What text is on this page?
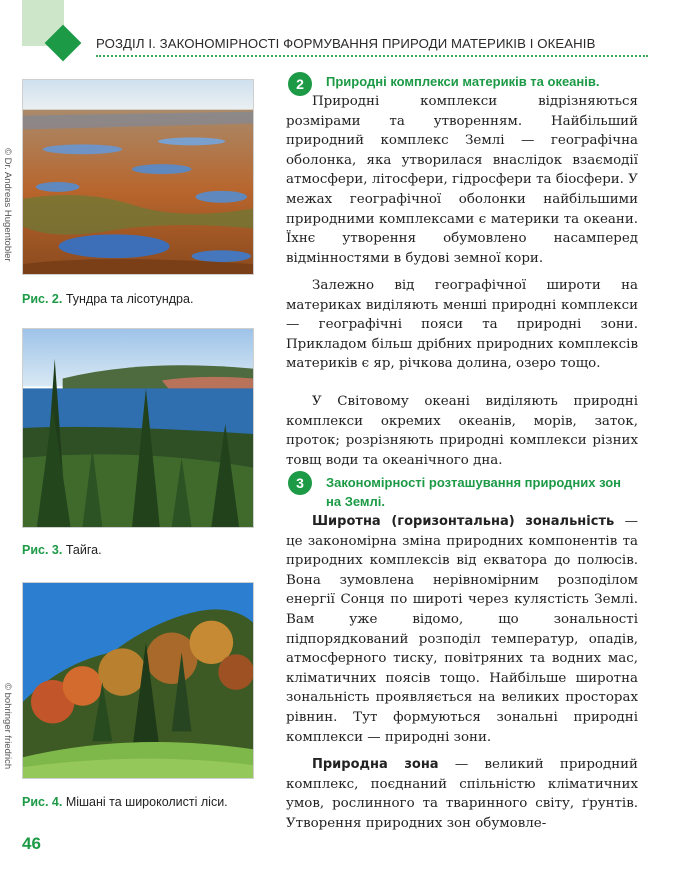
РОЗДІЛ І. ЗАКОНОМІРНОСТІ ФОРМУВАННЯ ПРИРОДИ МАТЕРИКІВ І ОКЕАНІВ
© Dr. Andreas Hugentobler
Рис. 2. Тундра та лісотундра.
Рис. 3. Тайга.
© bohringer friedrich
Рис. 4. Мішані та широколисті ліси.
46
2	Природні комплекси материків та океанів.

Природні комплекси відрізняються розмірами та утворенням. Найбільший природний комплекс Землі — географічна оболонка, яка утворилася внаслідок взаємодії атмосфери, літосфери, гідросфери та біосфери. У межах географічної оболонки найбільшими природними комплексами є материки та океани. Їхнє утворення обумовлено насамперед відмінностями в будові земної кори.

Залежно від географічної широти на материках виділяють менші природні комплекси — географічні пояси та природні зони. Прикладом більш дрібних природних комплексів материків є яр, річкова долина, озеро тощо.

У Світовому океані виділяють природні комплекси окремих океанів, морів, заток, проток; розрізняють природні комплекси різних товщ води та океанічного дна.

3	Закономірності розташування природних зон на Землі.

Широтна (горизонтальна) зональність — це закономірна зміна природних компонентів та природних комплексів від екватора до полюсів. Вона зумовлена нерівномірним розподілом енергії Сонця по широті через кулястість Землі. Вам уже відомо, що зональності підпорядкований розподіл температур, опадів, атмосферного тиску, повітряних та водних мас, кліматичних поясів тощо. Найбільше широтна зональність проявляється на великих просторах рівнин. Тут формуються зональні природні комплекси — природні зони.

Природна зона — великий природний комплекс, поєднаний спільністю кліматичних умов, рослинного та тваринного світу, ґрунтів. Утворення природних зон обумовле-
